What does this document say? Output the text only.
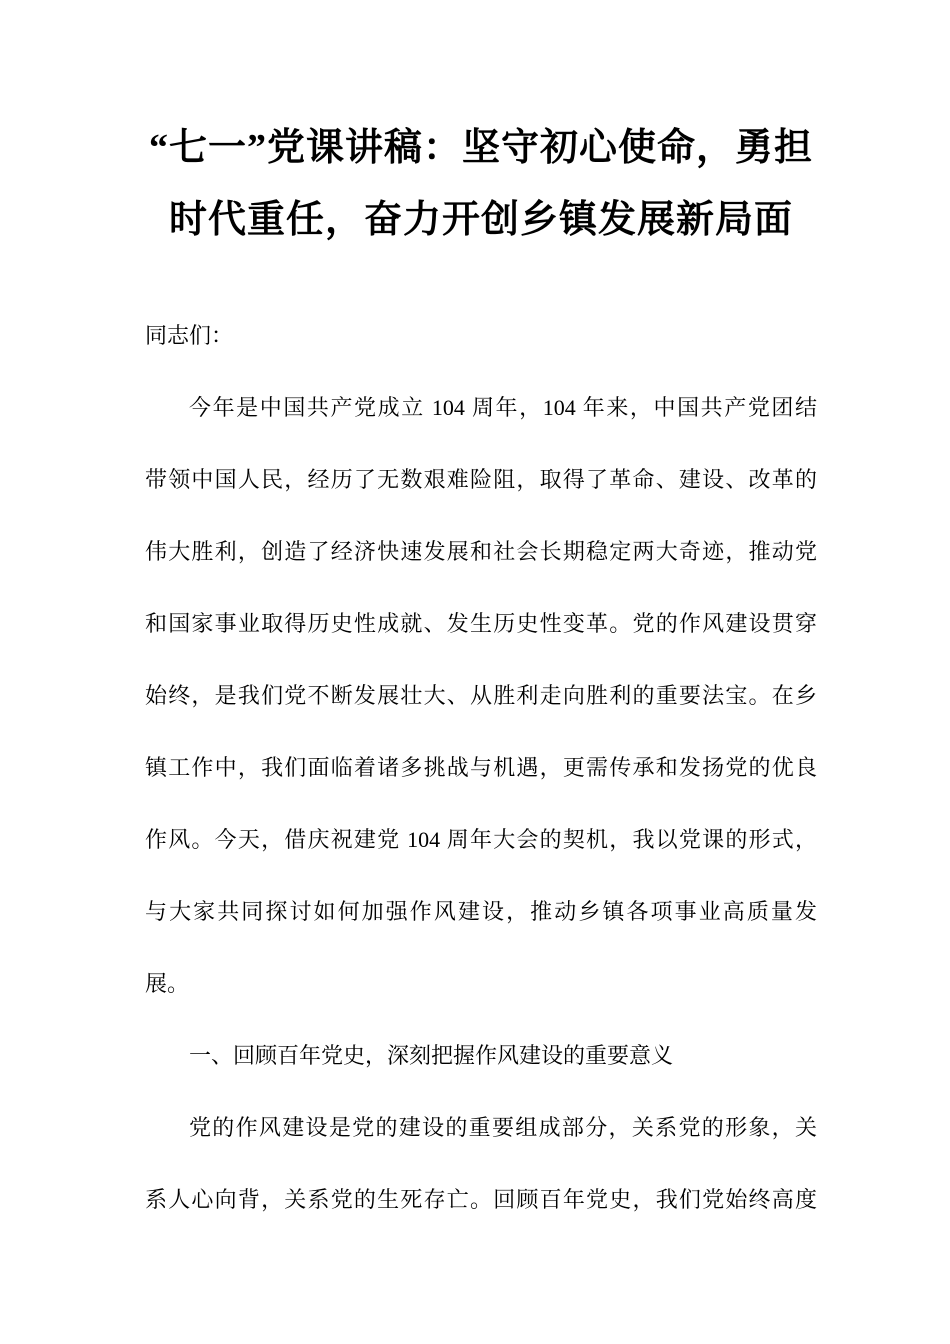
“七一”党课讲稿：坚守初心使命，勇担
时代重任，奋力开创乡镇发展新局面
同志们：
今年是中国共产党成立 104 周年，104 年来，中国共产党团结
带领中国人民，经历了无数艰难险阻，取得了革命、建设、改革的
伟大胜利，创造了经济快速发展和社会长期稳定两大奇迹，推动党
和国家事业取得历史性成就、发生历史性变革。党的作风建设贯穿
始终，是我们党不断发展壮大、从胜利走向胜利的重要法宝。在乡
镇工作中，我们面临着诸多挑战与机遇，更需传承和发扬党的优良
作风。今天，借庆祝建党 104 周年大会的契机，我以党课的形式，
与大家共同探讨如何加强作风建设，推动乡镇各项事业高质量发
展。
一、回顾百年党史，深刻把握作风建设的重要意义
党的作风建设是党的建设的重要组成部分，关系党的形象，关
系人心向背，关系党的生死存亡。回顾百年党史，我们党始终高度
